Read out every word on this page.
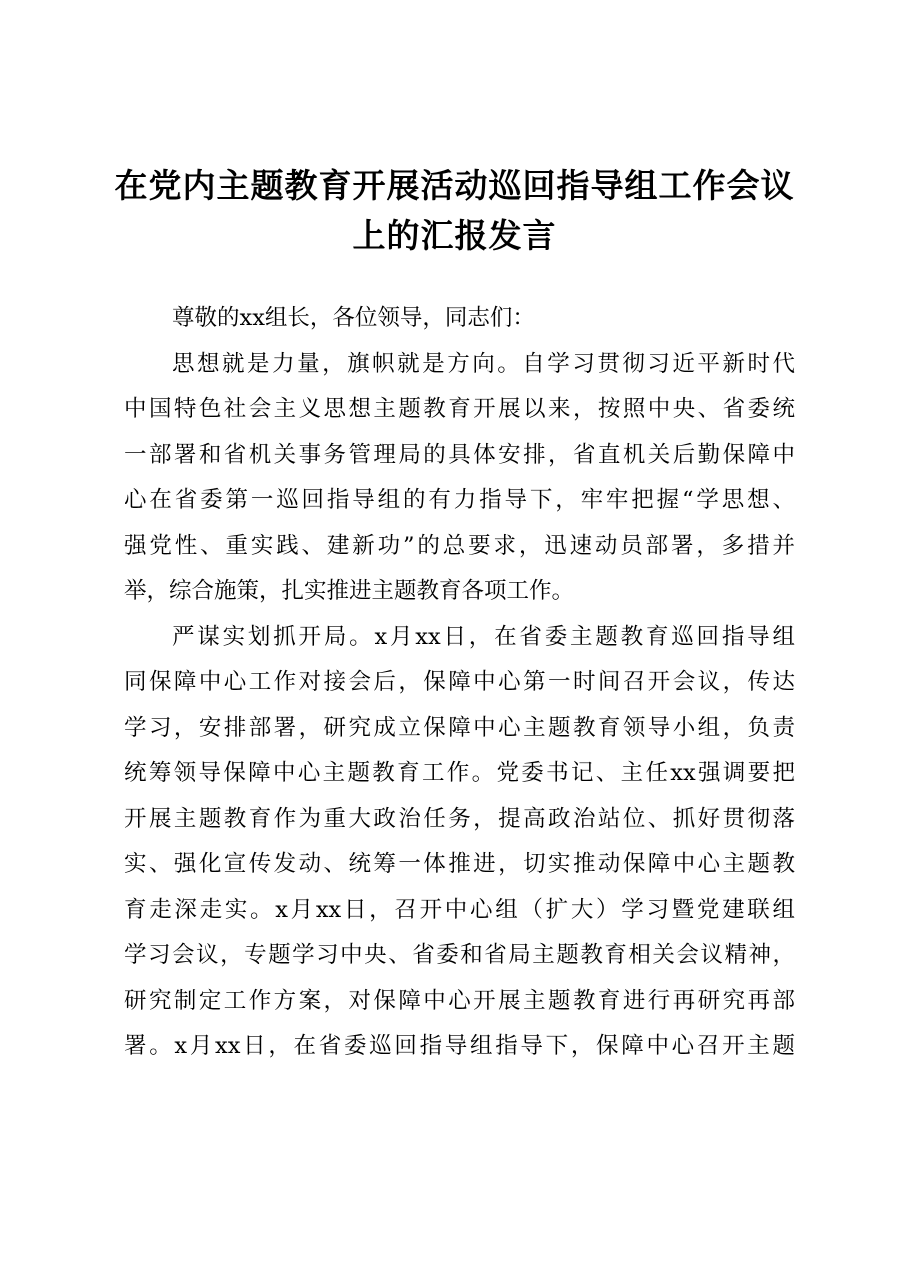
在党内主题教育开展活动巡回指导组工作会议
上的汇报发言
尊敬的xx组长，各位领导，同志们：
思想就是力量，旗帜就是方向。自学习贯彻习近平新时代
中国特色社会主义思想主题教育开展以来，按照中央、省委统
一部署和省机关事务管理局的具体安排，省直机关后勤保障中
心在省委第一巡回指导组的有力指导下，牢牢把握“学思想、
强党性、重实践、建新功”的总要求，迅速动员部署，多措并
举，综合施策，扎实推进主题教育各项工作。
严谋实划抓开局。x月xx日，在省委主题教育巡回指导组
同保障中心工作对接会后，保障中心第一时间召开会议，传达
学习，安排部署，研究成立保障中心主题教育领导小组，负责
统筹领导保障中心主题教育工作。党委书记、主任xx强调要把
开展主题教育作为重大政治任务，提高政治站位、抓好贯彻落
实、强化宣传发动、统筹一体推进，切实推动保障中心主题教
育走深走实。x月xx日，召开中心组（扩大）学习暨党建联组
学习会议，专题学习中央、省委和省局主题教育相关会议精神，
研究制定工作方案，对保障中心开展主题教育进行再研究再部
署。x月xx日，在省委巡回指导组指导下，保障中心召开主题
